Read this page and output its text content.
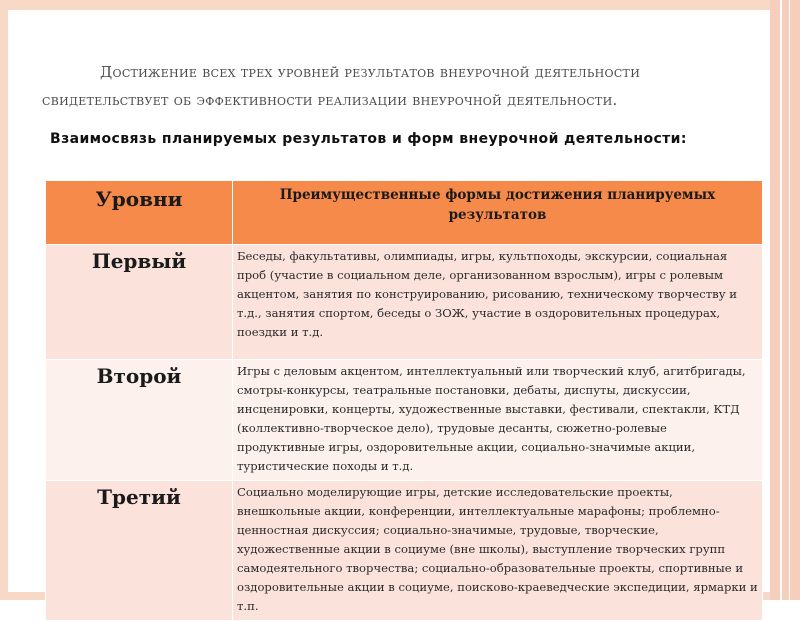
Достижение всех трех уровней результатов внеурочной деятельности
свидетельствует об эффективности реализации внеурочной деятельности.
Взаимосвязь планируемых результатов и форм внеурочной деятельности:
Уровни	Преимущественные формы достижения планируемых результатов
Первый	Беседы, факультативы, олимпиады, игры, культпоходы, экскурсии, социальная проб (участие в социальном деле, организованном взрослым), игры с ролевым акцентом, занятия по конструированию, рисованию, техническому творчеству и т.д., занятия спортом, беседы о ЗОЖ, участие в оздоровительных процедурах, поездки и т.д.
Второй	Игры с деловым акцентом, интеллектуальный или творческий клуб, агитбригады, смотры-конкурсы, театральные постановки, дебаты, диспуты, дискуссии, инсценировки, концерты, художественные выставки, фестивали, спектакли, КТД (коллективно-творческое дело), трудовые десанты, сюжетно-ролевые продуктивные игры, оздоровительные акции, социально-значимые акции, туристические походы и т.д.
Третий	Социально моделирующие игры, детские исследовательские проекты, внешкольные акции, конференции, интеллектуальные марафоны; проблемно-ценностная дискуссия; социально-значимые, трудовые, творческие, художественные акции в социуме (вне школы), выступление творческих групп самодеятельного творчества; социально-образовательные проекты, спортивные и оздоровительные акции в социуме, поисково-краеведческие экспедиции, ярмарки и т.п.
